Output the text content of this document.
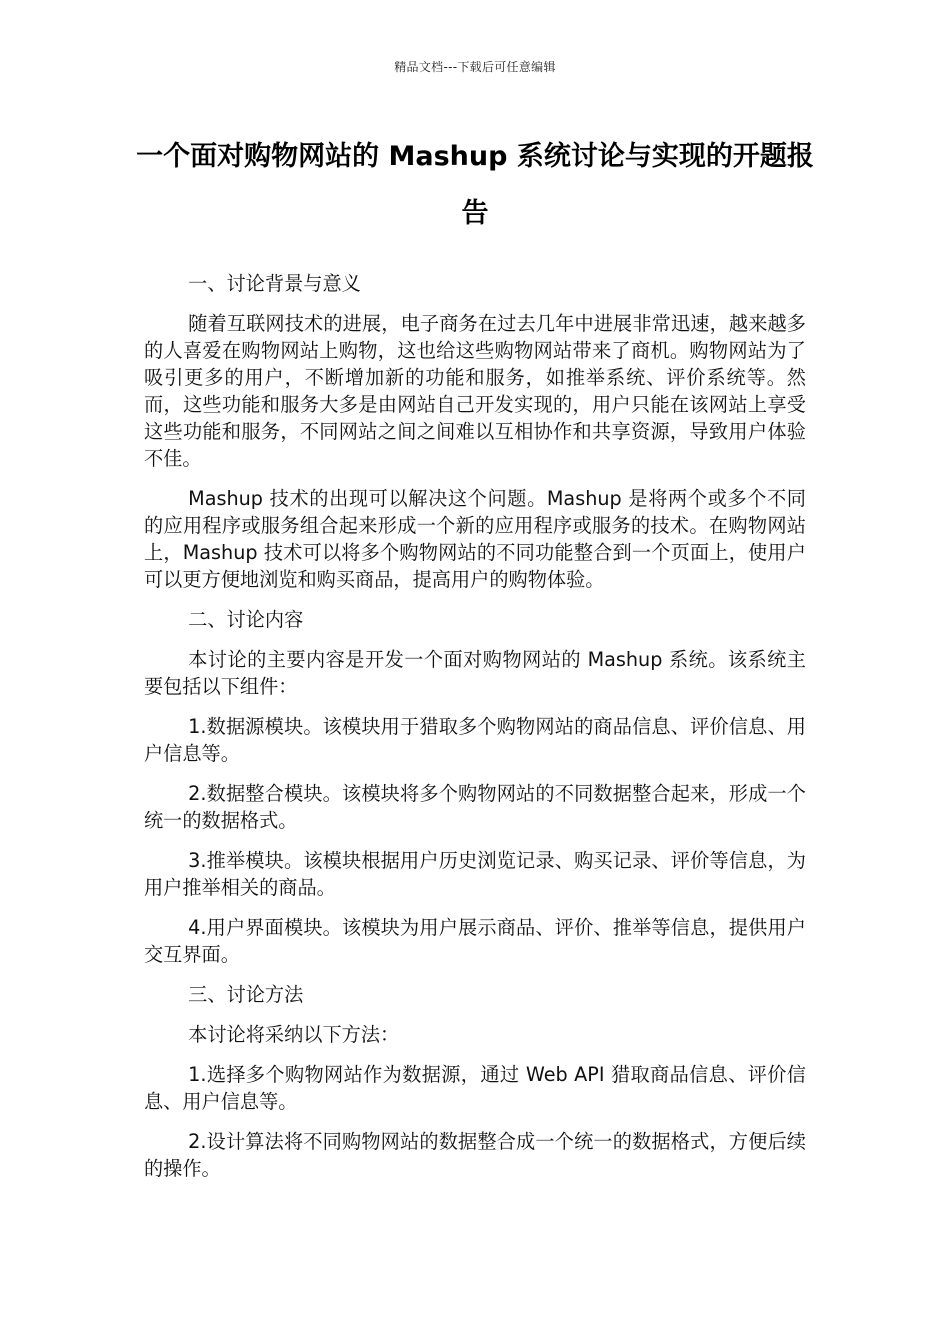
精品文档---下载后可任意编辑
一个面对购物网站的 Mashup 系统讨论与实现的开题报告

一、讨论背景与意义

随着互联网技术的进展，电子商务在过去几年中进展非常迅速，越来越多的人喜爱在购物网站上购物，这也给这些购物网站带来了商机。购物网站为了吸引更多的用户，不断增加新的功能和服务，如推举系统、评价系统等。然而，这些功能和服务大多是由网站自己开发实现的，用户只能在该网站上享受这些功能和服务，不同网站之间之间难以互相协作和共享资源，导致用户体验不佳。

Mashup 技术的出现可以解决这个问题。Mashup 是将两个或多个不同的应用程序或服务组合起来形成一个新的应用程序或服务的技术。在购物网站上，Mashup 技术可以将多个购物网站的不同功能整合到一个页面上，使用户可以更方便地浏览和购买商品，提高用户的购物体验。

二、讨论内容

本讨论的主要内容是开发一个面对购物网站的 Mashup 系统。该系统主要包括以下组件：

1.数据源模块。该模块用于猎取多个购物网站的商品信息、评价信息、用户信息等。

2.数据整合模块。该模块将多个购物网站的不同数据整合起来，形成一个统一的数据格式。

3.推举模块。该模块根据用户历史浏览记录、购买记录、评价等信息，为用户推举相关的商品。

4.用户界面模块。该模块为用户展示商品、评价、推举等信息，提供用户交互界面。

三、讨论方法

本讨论将采纳以下方法：

1.选择多个购物网站作为数据源，通过 Web API 猎取商品信息、评价信息、用户信息等。

2.设计算法将不同购物网站的数据整合成一个统一的数据格式，方便后续的操作。
